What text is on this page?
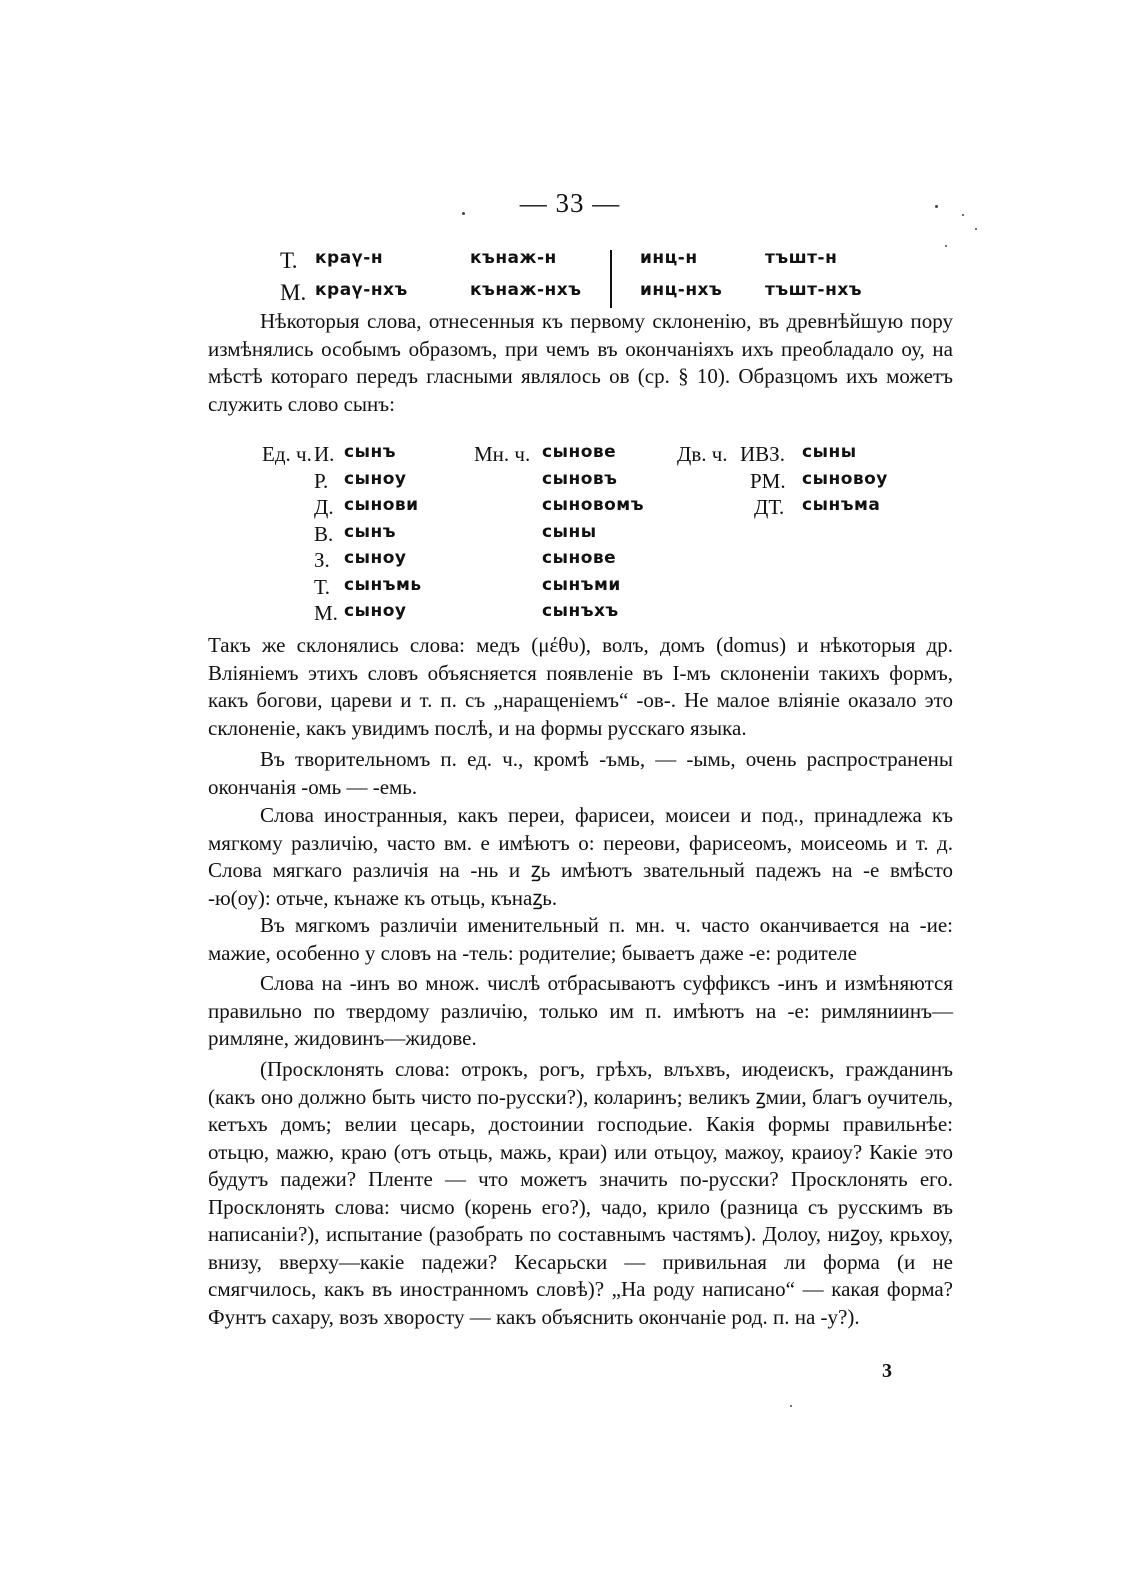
— 33 —
Т. краү-н	кънаж-н	инц-н	тъшт-н
М. краү-нхъ	кънаж-нхъ	инц-нхъ	тъшт-нхъ

Нѣкоторыя слова, отнесенныя къ первому склоненію, въ древнѣйшую пору измѣнялись особымъ образомъ, при чемъ въ окончаніяхъ ихъ преобладало оу, на мѣстѣ котораго передъ гласными являлось ов (ср. § 10). Образцомъ ихъ можетъ служить слово сынъ:

Ед. ч. И. сынъ	Мн. ч. сынове	Дв. ч. ИВЗ. сыны
Р. сыноу	сыновъ	РМ. сыновоу
Д. сынови	сыновомъ	ДТ. сынъма
В. сынъ	сыны
З. сыноу	сынове
Т. сынъмь	сынъми
М. сыноу	сынъхъ

Такъ же склонялись слова: медъ (μέθυ), волъ, домъ (domus) и нѣкоторыя др. Вліяніемъ этихъ словъ объясняется появленіе въ I-мъ склоненіи такихъ формъ, какъ богови, цареви и т. п. съ „наращеніемъ“ -ов-. Не малое вліяніе оказало это склоненіе, какъ увидимъ послѣ, и на формы русскаго языка.

Въ творительномъ п. ед. ч., кромѣ -ъмь, — -ымь, очень распространены окончанія -омь — -емь.

Слова иностранныя, какъ переи, фарисеи, моисеи и под., принадлежа къ мягкому различію, часто вм. е имѣютъ о: переови, фарисеомъ, моисеомь и т. д. Слова мягкаго различія на -нь и ꙁь имѣютъ звательный падежъ на -е вмѣсто -ю(оу): отьче, кънаже къ отьць, кънаꙁь.

Въ мягкомъ различіи именительный п. мн. ч. часто оканчивается на -ие: мажие, особенно у словъ на -тель: родителие; бываетъ даже -е: родителе

Слова на -инъ во множ. числѣ отбрасываютъ суффиксъ -инъ и измѣняются правильно по твердому различію, только им п. имѣютъ на -е: римляниинъ—римляне, жидовинъ—жидове.

(Просклонять слова: отрокъ, рогъ, грѣхъ, влъхвъ, июдеискъ, гражданинъ (какъ оно должно быть чисто по-русски?), коларинъ; великъ ꙁмии, благъ оучитель, кетъхъ домъ; велии цесарь, достоинии господьие. Какія формы правильнѣе: отьцю, мажю, краю (отъ отьць, мажь, краи) или отьцоу, мажоу, краиоу? Какіе это будутъ падежи? Пленте — что можетъ значить по-русски? Просклонять его. Просклонять слова: чисмо (корень его?), чадо, крило (разница съ русскимъ въ написаніи?), испытание (разобрать по составнымъ частямъ). Долоу, ниꙁоу, крьхоу, внизу, вверху—какіе падежи? Кесарьски — привильная ли форма (и не смягчилось, какъ въ иностранномъ словѣ)? „На роду написано“ — какая форма? Фунтъ сахару, возъ хворосту — какъ объяснить окончаніе род. п. на -у?).

3
